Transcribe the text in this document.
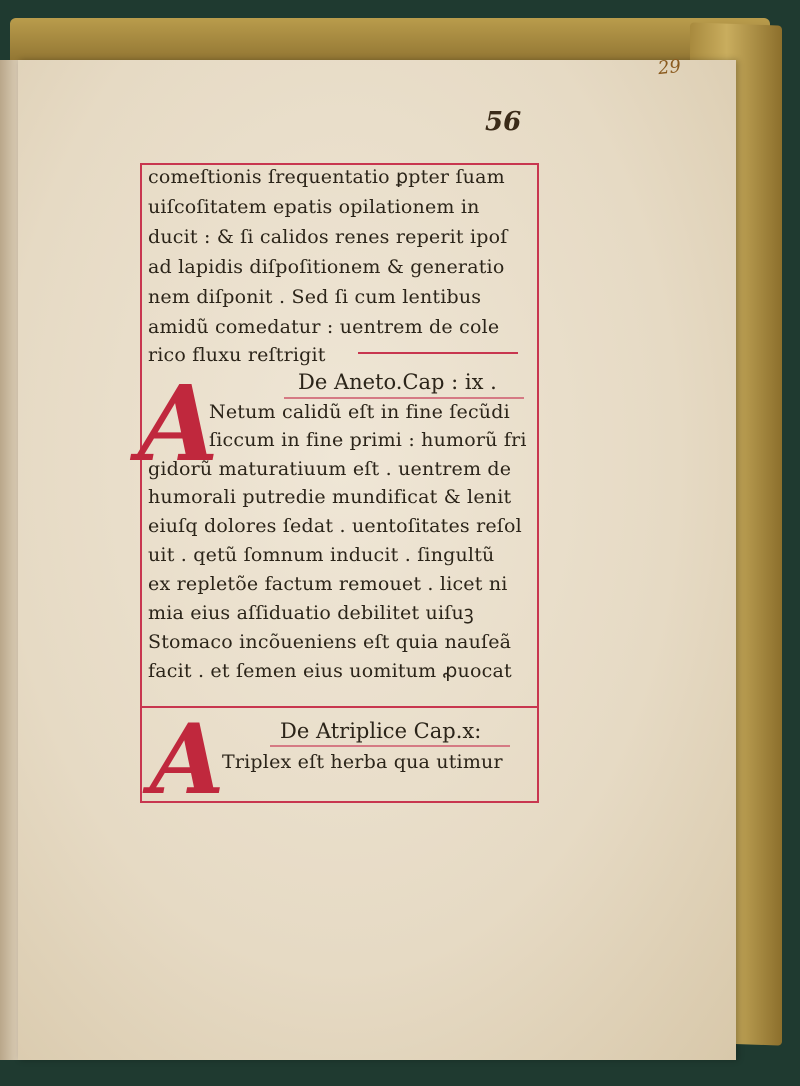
29
56
comeſtionis ſrequentatio ꝑpter ſuam
uiſcoſitatem epatis opilationem in
ducit : & ſi calidos renes reperit ipoſ
ad lapidis diſpoſitionem & generatio
nem diſponit . Sed ſi cum lentibus
amidũ comedatur : uentrem de cole
rico fluxu reſtrigit
De Aneto.Cap : ix .
A
Netum calidũ eſt in fine ſecũdi
ſiccum in fine primi : humorũ fri
gidorũ maturatiuum eſt . uentrem de
humorali putredie mundificat & lenit
eiuſq dolores ſedat . uentoſitates reſol
uit . qetũ ſomnum inducit . ſingultũ
ex repletõe factum remouet . licet ni
mia eius aſſiduatio debilitet uiſuꝫ
Stomaco incõueniens eſt quia nauſeã
facit . et ſemen eius uomitum ꝓuocat
De Atriplice Cap.x:
A
Triplex eſt herba qua utimur
